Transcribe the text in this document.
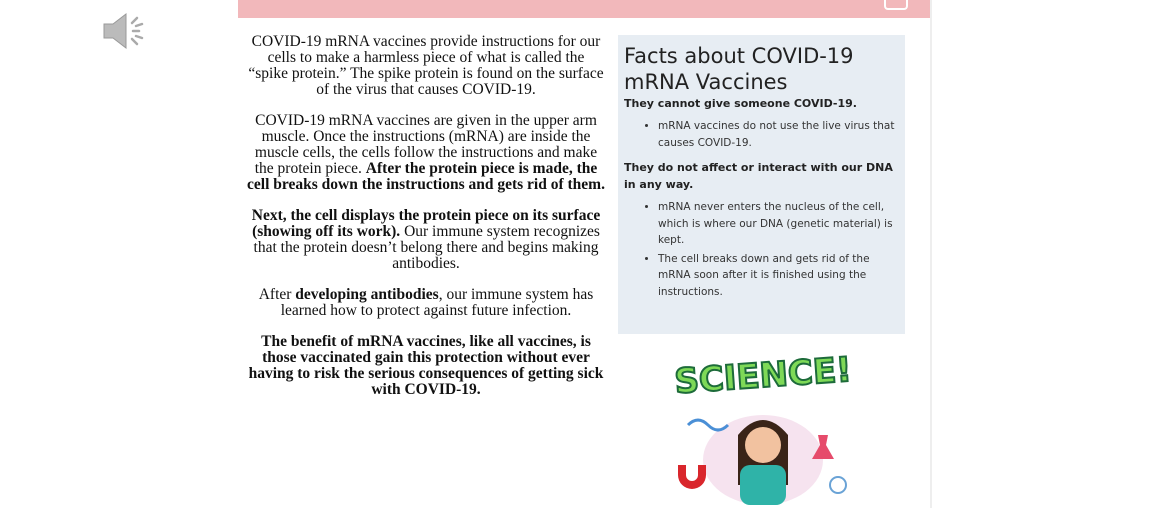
COVID-19 mRNA vaccines provide instructions for our cells to make a harmless piece of what is called the “spike protein.” The spike protein is found on the surface of the virus that causes COVID-19.

COVID-19 mRNA vaccines are given in the upper arm muscle. Once the instructions (mRNA) are inside the muscle cells, the cells follow the instructions and make the protein piece. After the protein piece is made, the cell breaks down the instructions and gets rid of them.

Next, the cell displays the protein piece on its surface (showing off its work). Our immune system recognizes that the protein doesn’t belong there and begins making antibodies.

After developing antibodies, our immune system has learned how to protect against future infection.

The benefit of mRNA vaccines, like all vaccines, is those vaccinated gain this protection without ever having to risk the serious consequences of getting sick with COVID-19.

Facts about COVID-19 mRNA Vaccines
They cannot give someone COVID-19.
• mRNA vaccines do not use the live virus that causes COVID-19.
They do not affect or interact with our DNA in any way.
• mRNA never enters the nucleus of the cell, which is where our DNA (genetic material) is kept.
• The cell breaks down and gets rid of the mRNA soon after it is finished using the instructions.
SCIENCE!
